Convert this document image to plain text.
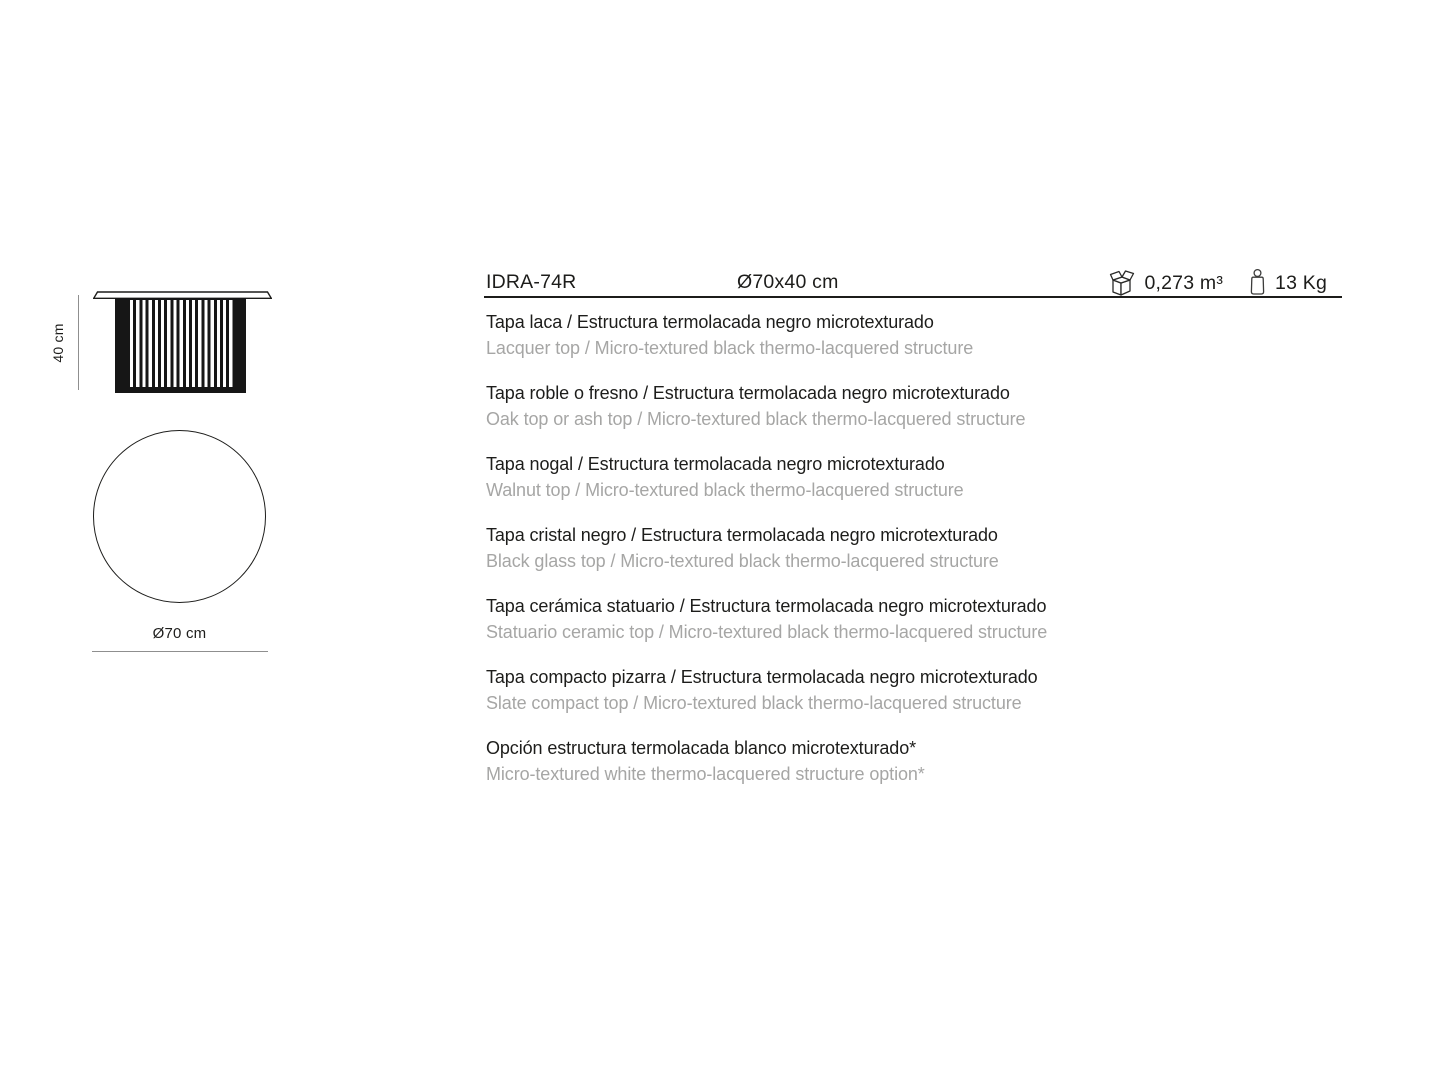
40 cm
Ø70 cm
IDRA-74R	Ø70x40 cm	0,273 m³	13 Kg
Tapa laca / Estructura termolacada negro microtexturado
Lacquer top / Micro-textured black thermo-lacquered structure
Tapa roble o fresno / Estructura termolacada negro microtexturado
Oak top or ash top / Micro-textured black thermo-lacquered structure
Tapa nogal / Estructura termolacada negro microtexturado
Walnut top / Micro-textured black thermo-lacquered structure
Tapa cristal negro / Estructura termolacada negro microtexturado
Black glass top / Micro-textured black thermo-lacquered structure
Tapa cerámica statuario / Estructura termolacada negro microtexturado
Statuario ceramic top / Micro-textured black thermo-lacquered structure
Tapa compacto pizarra / Estructura termolacada negro microtexturado
Slate compact top / Micro-textured black thermo-lacquered structure
Opción estructura termolacada blanco microtexturado*
Micro-textured white thermo-lacquered structure option*
